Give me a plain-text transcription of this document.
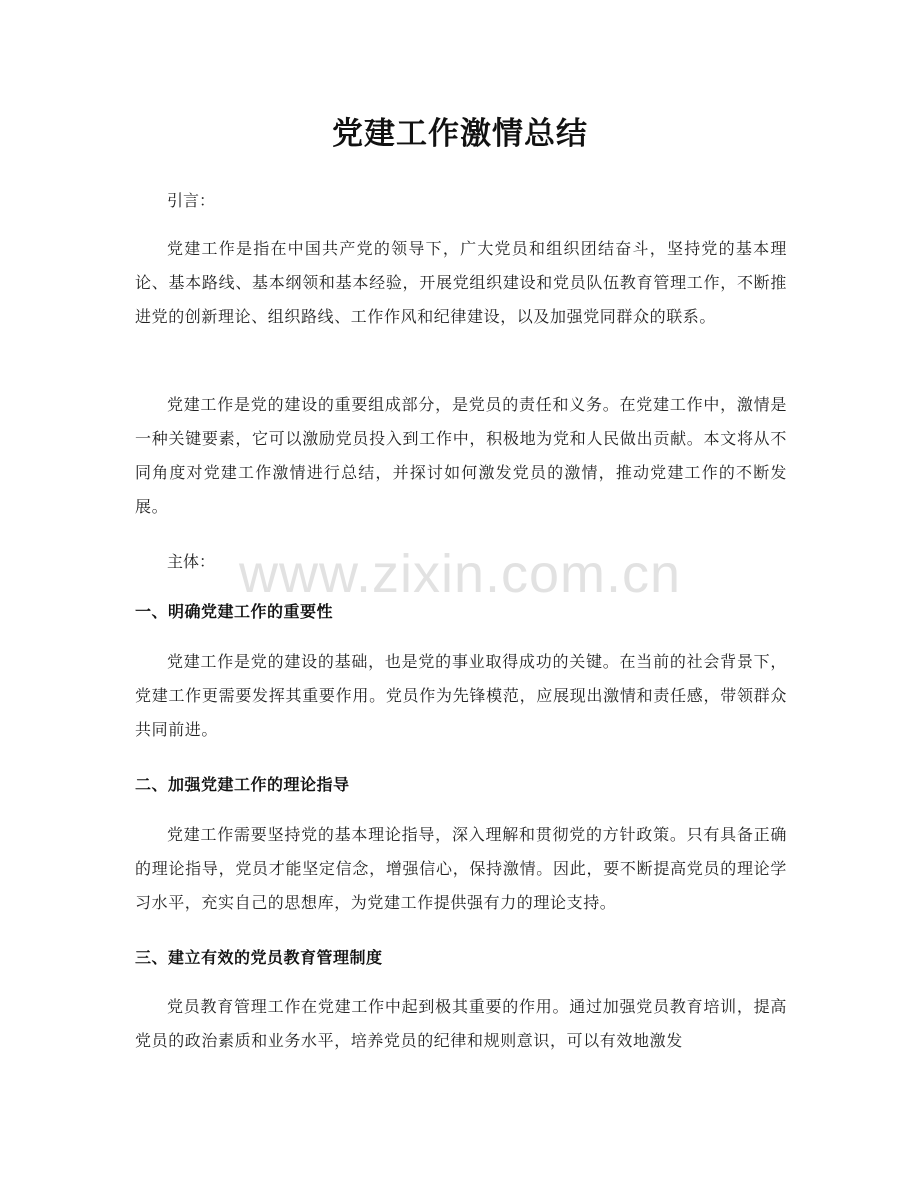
党建工作激情总结

引言：

党建工作是指在中国共产党的领导下，广大党员和组织团结奋斗，坚持党的基本理论、基本路线、基本纲领和基本经验，开展党组织建设和党员队伍教育管理工作，不断推进党的创新理论、组织路线、工作作风和纪律建设，以及加强党同群众的联系。

党建工作是党的建设的重要组成部分，是党员的责任和义务。在党建工作中，激情是一种关键要素，它可以激励党员投入到工作中，积极地为党和人民做出贡献。本文将从不同角度对党建工作激情进行总结，并探讨如何激发党员的激情，推动党建工作的不断发展。

主体：

一、明确党建工作的重要性

党建工作是党的建设的基础，也是党的事业取得成功的关键。在当前的社会背景下，党建工作更需要发挥其重要作用。党员作为先锋模范，应展现出激情和责任感，带领群众共同前进。

二、加强党建工作的理论指导

党建工作需要坚持党的基本理论指导，深入理解和贯彻党的方针政策。只有具备正确的理论指导，党员才能坚定信念，增强信心，保持激情。因此，要不断提高党员的理论学习水平，充实自己的思想库，为党建工作提供强有力的理论支持。

三、建立有效的党员教育管理制度

党员教育管理工作在党建工作中起到极其重要的作用。通过加强党员教育培训，提高党员的政治素质和业务水平，培养党员的纪律和规则意识，可以有效地激发

www.zixin.com.cn
